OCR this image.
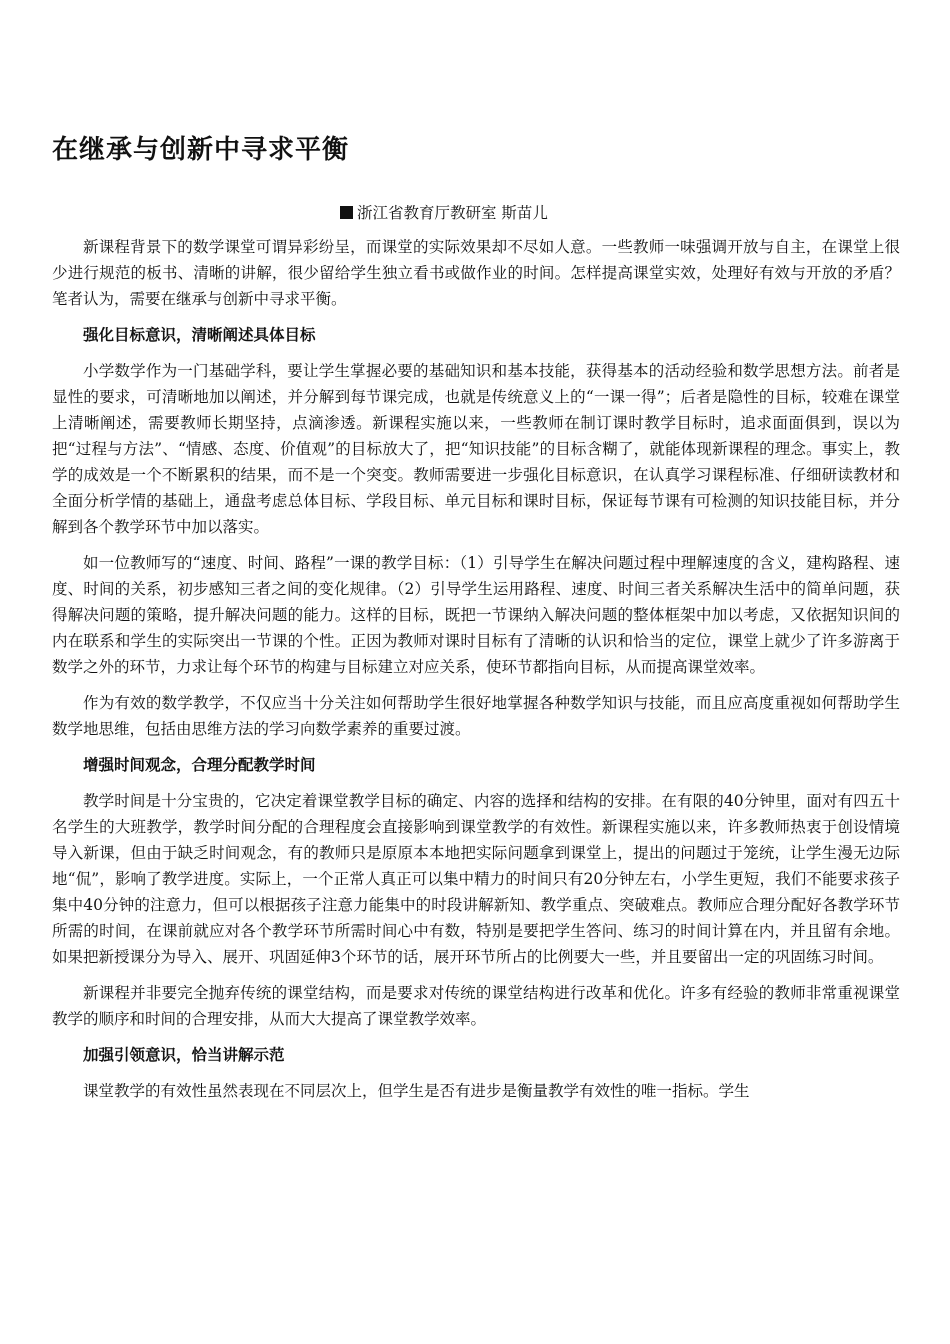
在继承与创新中寻求平衡
浙江省教育厅教研室 斯苗儿

新课程背景下的数学课堂可谓异彩纷呈，而课堂的实际效果却不尽如人意。一些教师一味强调开放与自主，在课堂上很少进行规范的板书、清晰的讲解，很少留给学生独立看书或做作业的时间。怎样提高课堂实效，处理好有效与开放的矛盾？笔者认为，需要在继承与创新中寻求平衡。

强化目标意识，清晰阐述具体目标

小学数学作为一门基础学科，要让学生掌握必要的基础知识和基本技能，获得基本的活动经验和数学思想方法。前者是显性的要求，可清晰地加以阐述，并分解到每节课完成，也就是传统意义上的“一课一得”；后者是隐性的目标，较难在课堂上清晰阐述，需要教师长期坚持，点滴渗透。新课程实施以来，一些教师在制订课时教学目标时，追求面面俱到，误以为把“过程与方法”、“情感、态度、价值观”的目标放大了，把“知识技能”的目标含糊了，就能体现新课程的理念。事实上，教学的成效是一个不断累积的结果，而不是一个突变。教师需要进一步强化目标意识，在认真学习课程标准、仔细研读教材和全面分析学情的基础上，通盘考虑总体目标、学段目标、单元目标和课时目标，保证每节课有可检测的知识技能目标，并分解到各个教学环节中加以落实。

如一位教师写的“速度、时间、路程”一课的教学目标：（1）引导学生在解决问题过程中理解速度的含义，建构路程、速度、时间的关系，初步感知三者之间的变化规律。（2）引导学生运用路程、速度、时间三者关系解决生活中的简单问题，获得解决问题的策略，提升解决问题的能力。这样的目标，既把一节课纳入解决问题的整体框架中加以考虑，又依据知识间的内在联系和学生的实际突出一节课的个性。正因为教师对课时目标有了清晰的认识和恰当的定位，课堂上就少了许多游离于数学之外的环节，力求让每个环节的构建与目标建立对应关系，使环节都指向目标，从而提高课堂效率。

作为有效的数学教学，不仅应当十分关注如何帮助学生很好地掌握各种数学知识与技能，而且应高度重视如何帮助学生数学地思维，包括由思维方法的学习向数学素养的重要过渡。

增强时间观念，合理分配教学时间

教学时间是十分宝贵的，它决定着课堂教学目标的确定、内容的选择和结构的安排。在有限的40分钟里，面对有四五十名学生的大班教学，教学时间分配的合理程度会直接影响到课堂教学的有效性。新课程实施以来，许多教师热衷于创设情境导入新课，但由于缺乏时间观念，有的教师只是原原本本地把实际问题拿到课堂上，提出的问题过于笼统，让学生漫无边际地“侃”，影响了教学进度。实际上，一个正常人真正可以集中精力的时间只有20分钟左右，小学生更短，我们不能要求孩子集中40分钟的注意力，但可以根据孩子注意力能集中的时段讲解新知、教学重点、突破难点。教师应合理分配好各教学环节所需的时间，在课前就应对各个教学环节所需时间心中有数，特别是要把学生答问、练习的时间计算在内，并且留有余地。如果把新授课分为导入、展开、巩固延伸3个环节的话，展开环节所占的比例要大一些，并且要留出一定的巩固练习时间。

新课程并非要完全抛弃传统的课堂结构，而是要求对传统的课堂结构进行改革和优化。许多有经验的教师非常重视课堂教学的顺序和时间的合理安排，从而大大提高了课堂教学效率。

加强引领意识，恰当讲解示范

课堂教学的有效性虽然表现在不同层次上，但学生是否有进步是衡量教学有效性的唯一指标。学生
